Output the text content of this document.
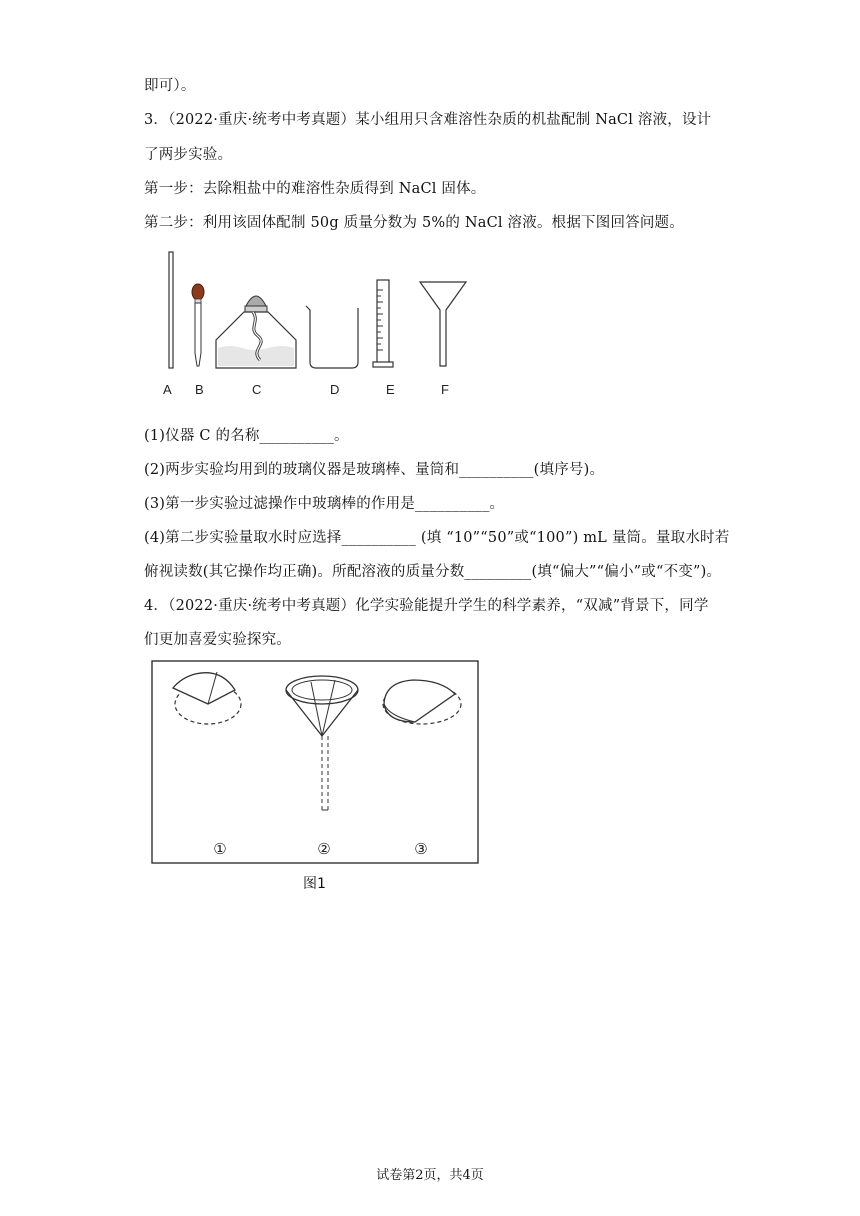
即可）。
3．（2022·重庆·统考中考真题）某小组用只含难溶性杂质的机盐配制 NaCl 溶液，设计
了两步实验。
第一步：去除粗盐中的难溶性杂质得到 NaCl 固体。
第二步：利用该固体配制 50g 质量分数为 5%的 NaCl 溶液。根据下图回答问题。
A B	C	D	E	F
(1)仪器 C 的名称__________。
(2)两步实验均用到的玻璃仪器是玻璃棒、量筒和__________(填序号)。
(3)第一步实验过滤操作中玻璃棒的作用是__________。
(4)第二步实验量取水时应选择__________ (填 “10”“50”或“100”) mL 量筒。量取水时若
俯视读数(其它操作均正确)。所配溶液的质量分数_________(填“偏大”“偏小”或“不变”)。
4．（2022·重庆·统考中考真题）化学实验能提升学生的科学素养，“双减”背景下，同学
们更加喜爱实验探究。
①	②	③
图1
试卷第2页，共4页
